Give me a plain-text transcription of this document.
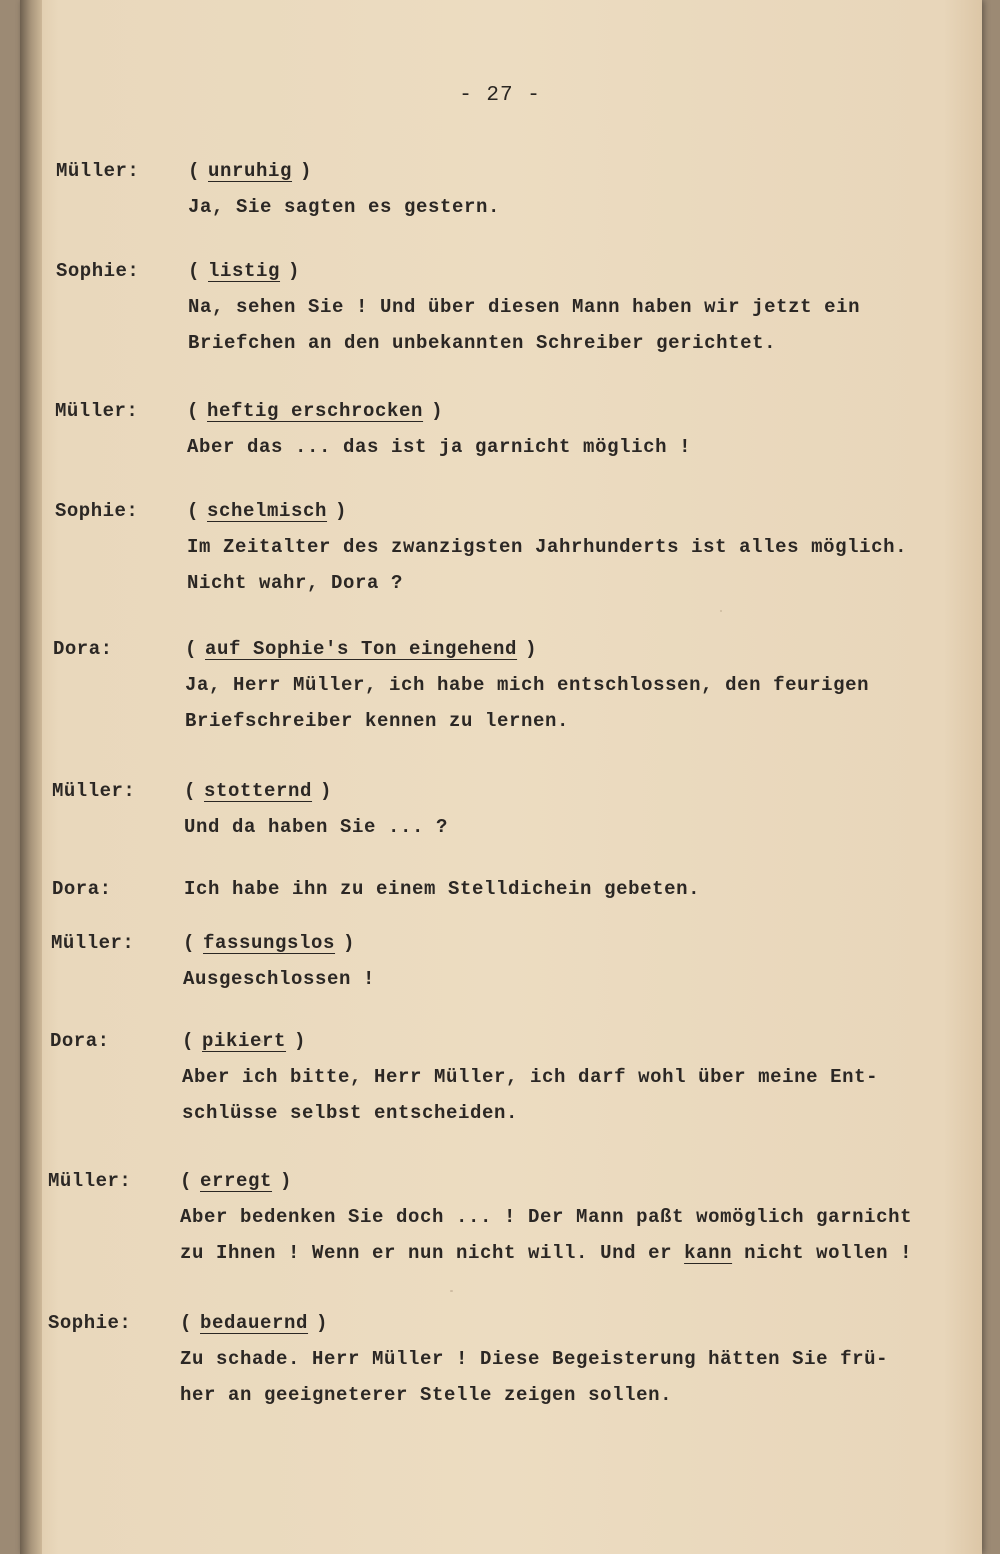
- 27 -
Müller:	( unruhig )
Ja, Sie sagten es gestern.
Sophie:	( listig )
Na, sehen Sie ! Und über diesen Mann haben wir jetzt ein
Briefchen an den unbekannten Schreiber gerichtet.
Müller:	( heftig erschrocken )
Aber das ... das ist ja garnicht möglich !
Sophie:	( schelmisch )
Im Zeitalter des zwanzigsten Jahrhunderts ist alles möglich.
Nicht wahr, Dora ?
Dora:	( auf Sophie's Ton eingehend )
Ja, Herr Müller, ich habe mich entschlossen, den feurigen
Briefschreiber kennen zu lernen.
Müller:	( stotternd )
Und da haben Sie ... ?
Dora:	Ich habe ihn zu einem Stelldichein gebeten.
Müller:	( fassungslos )
Ausgeschlossen !
Dora:	( pikiert )
Aber ich bitte, Herr Müller, ich darf wohl über meine Ent-
schlüsse selbst entscheiden.
Müller:	( erregt )
Aber bedenken Sie doch ... ! Der Mann paßt womöglich garnicht
zu Ihnen ! Wenn er nun nicht will. Und er kann nicht wollen !
Sophie:	( bedauernd )
Zu schade. Herr Müller ! Diese Begeisterung hätten Sie frü-
her an geeigneterer Stelle zeigen sollen.
